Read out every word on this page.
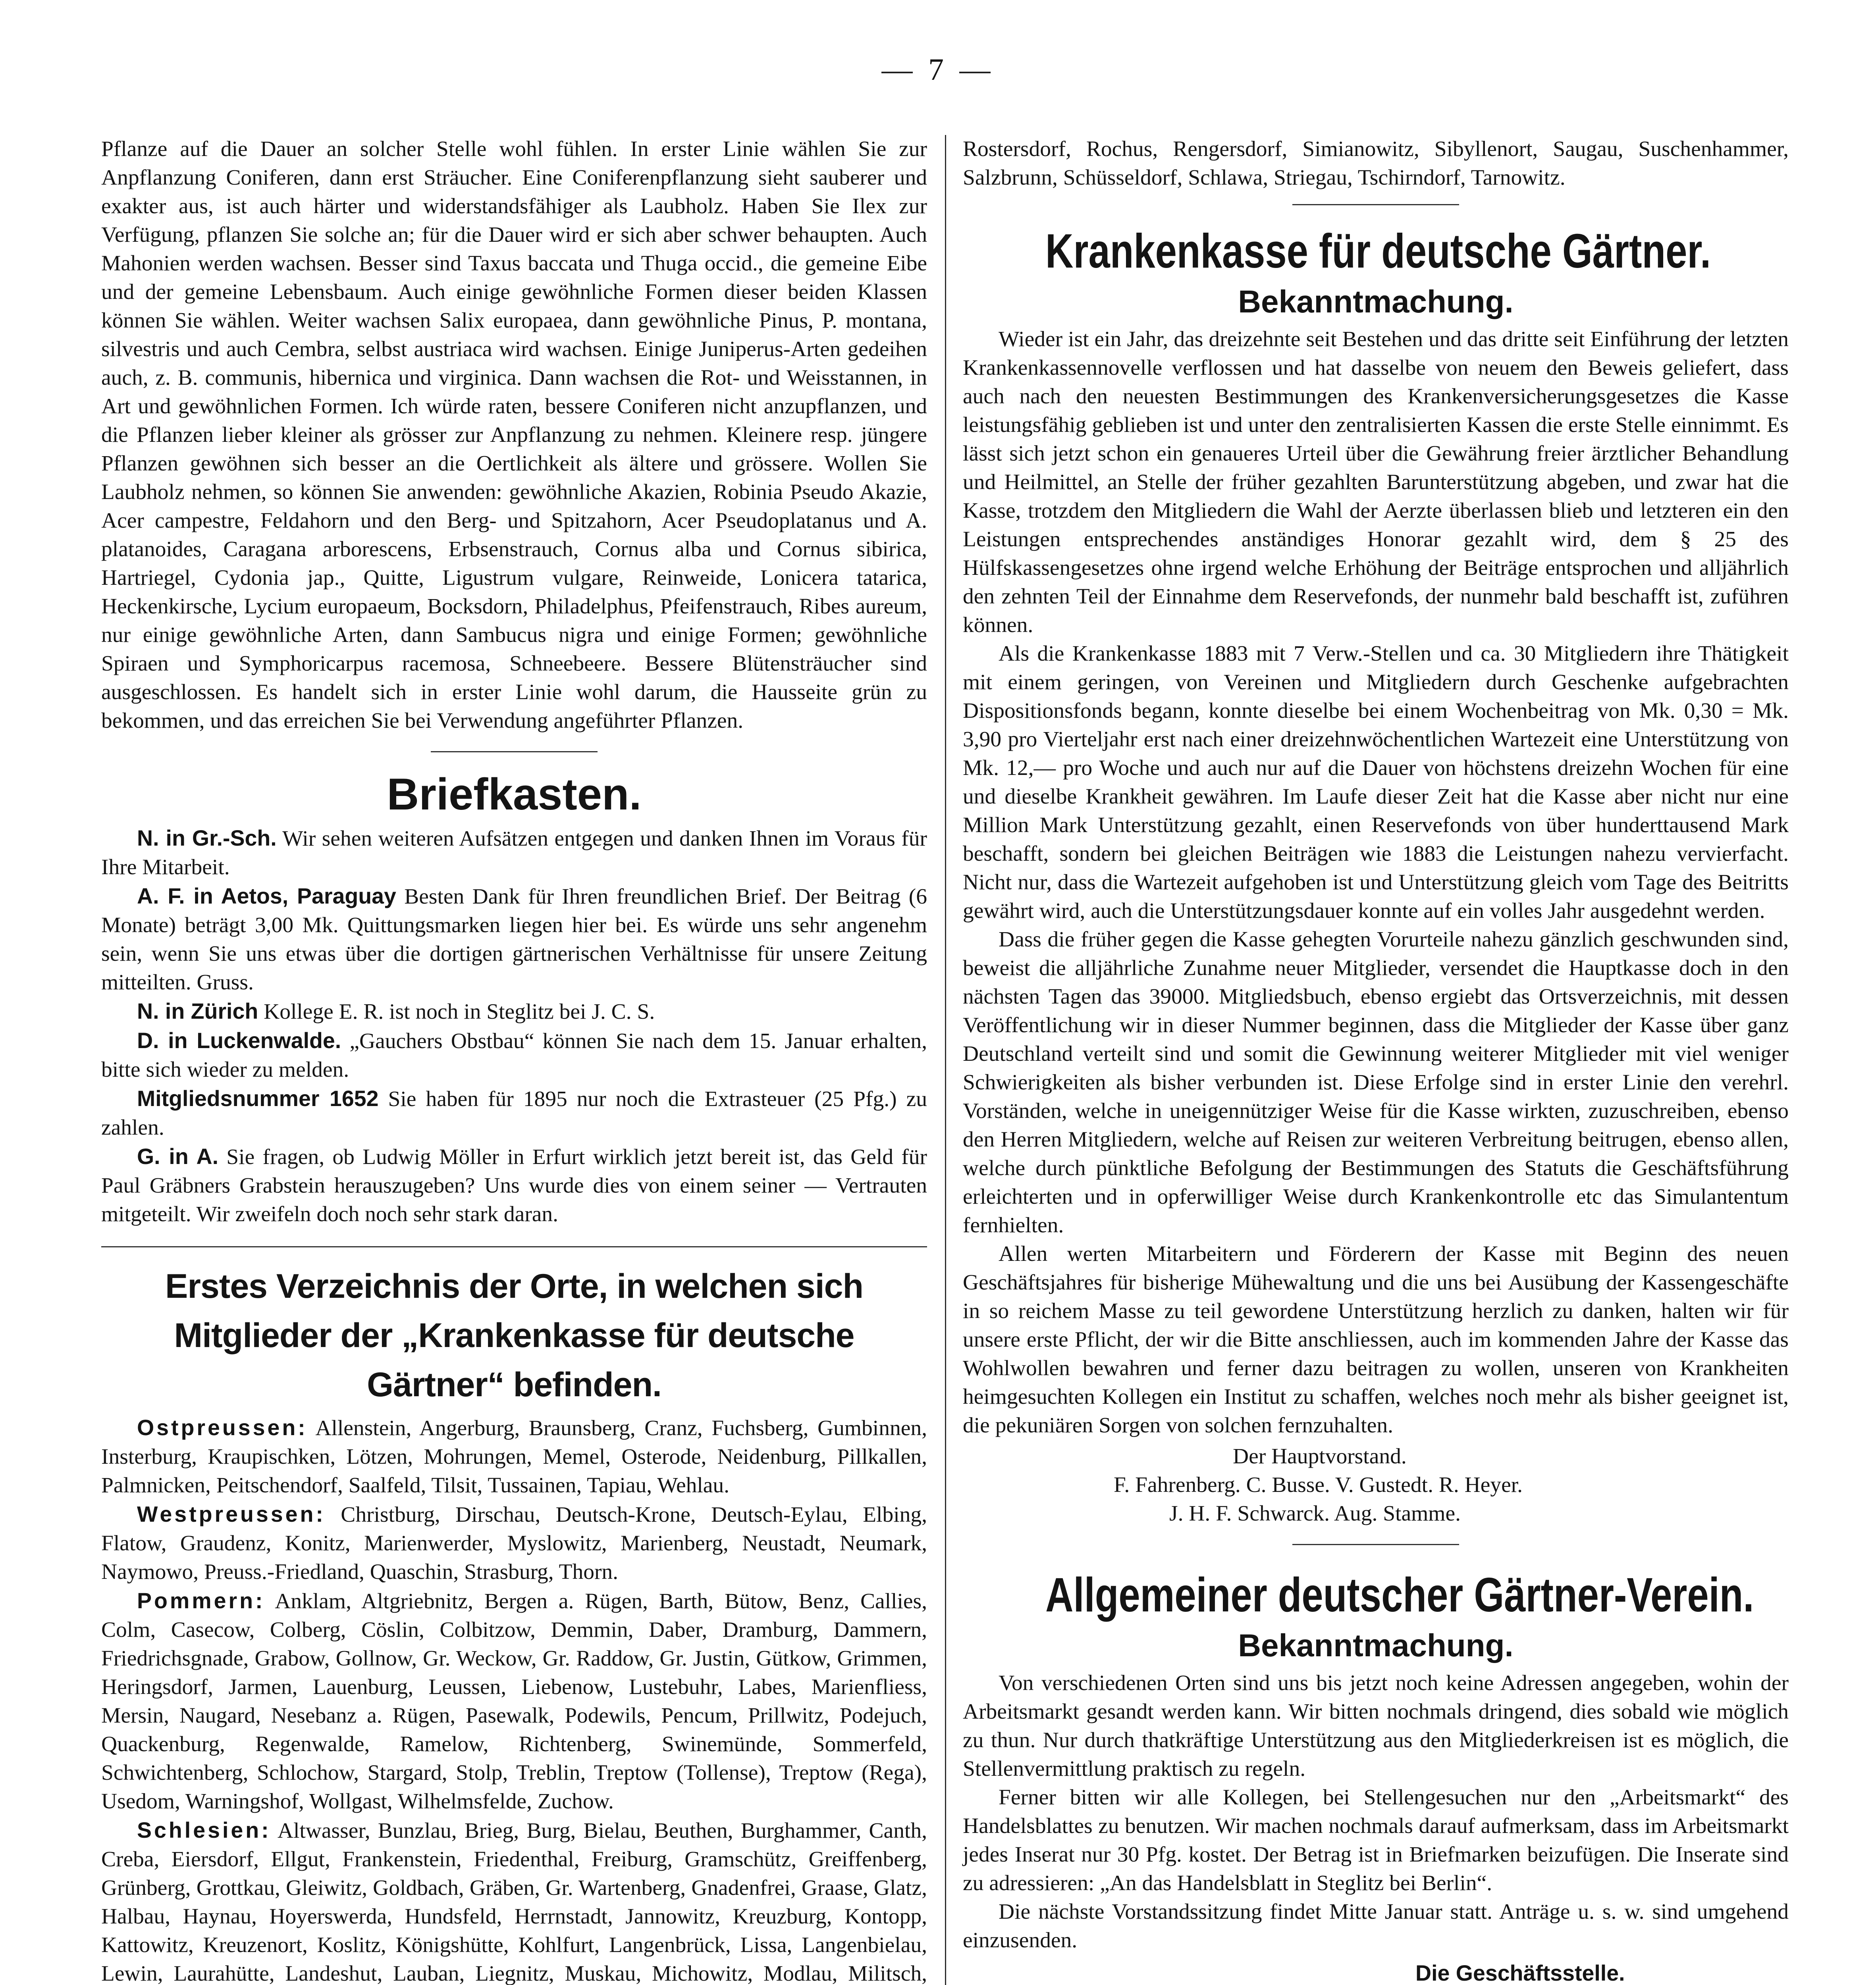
— 7 —

Pflanze auf die Dauer an solcher Stelle wohl fühlen. In erster Linie wählen Sie zur Anpflanzung Coniferen, dann erst Sträucher. Eine Coniferenpflanzung sieht sauberer und exakter aus, ist auch härter und widerstandsfähiger als Laubholz. Haben Sie Ilex zur Verfügung, pflanzen Sie solche an; für die Dauer wird er sich aber schwer behaupten. Auch Mahonien werden wachsen. Besser sind Taxus baccata und Thuga occid., die gemeine Eibe und der gemeine Lebensbaum. Auch einige gewöhnliche Formen dieser beiden Klassen können Sie wählen. Weiter wachsen Salix europaea, dann gewöhnliche Pinus, P. montana, silvestris und auch Cembra, selbst austriaca wird wachsen. Einige Juniperus-Arten gedeihen auch, z. B. communis, hibernica und virginica. Dann wachsen die Rot- und Weisstannen, in Art und gewöhnlichen Formen. Ich würde raten, bessere Coniferen nicht anzupflanzen, und die Pflanzen lieber kleiner als grösser zur Anpflanzung zu nehmen. Kleinere resp. jüngere Pflanzen gewöhnen sich besser an die Oertlichkeit als ältere und grössere. Wollen Sie Laubholz nehmen, so können Sie anwenden: gewöhnliche Akazien, Robinia Pseudo Akazie, Acer campestre, Feldahorn und den Berg- und Spitzahorn, Acer Pseudoplatanus und A. platanoides, Caragana arborescens, Erbsenstrauch, Cornus alba und Cornus sibirica, Hartriegel, Cydonia jap., Quitte, Ligustrum vulgare, Reinweide, Lonicera tatarica, Heckenkirsche, Lycium europaeum, Bocksdorn, Philadelphus, Pfeifenstrauch, Ribes aureum, nur einige gewöhnliche Arten, dann Sambucus nigra und einige Formen; gewöhnliche Spiraen und Symphoricarpus racemosa, Schneebeere. Bessere Blütensträucher sind ausgeschlossen. Es handelt sich in erster Linie wohl darum, die Hausseite grün zu bekommen, und das erreichen Sie bei Verwendung angeführter Pflanzen.

Briefkasten.

N. in Gr.-Sch. Wir sehen weiteren Aufsätzen entgegen und danken Ihnen im Voraus für Ihre Mitarbeit.

A. F. in Aetos, Paraguay Besten Dank für Ihren freundlichen Brief. Der Beitrag (6 Monate) beträgt 3,00 Mk. Quittungsmarken liegen hier bei. Es würde uns sehr angenehm sein, wenn Sie uns etwas über die dortigen gärtnerischen Verhältnisse für unsere Zeitung mitteilten. Gruss.

N. in Zürich Kollege E. R. ist noch in Steglitz bei J. C. S.

D. in Luckenwalde. „Gauchers Obstbau“ können Sie nach dem 15. Januar erhalten, bitte sich wieder zu melden.

Mitgliedsnummer 1652 Sie haben für 1895 nur noch die Extrasteuer (25 Pfg.) zu zahlen.

G. in A. Sie fragen, ob Ludwig Möller in Erfurt wirklich jetzt bereit ist, das Geld für Paul Gräbners Grabstein herauszugeben? Uns wurde dies von einem seiner — Vertrauten mitgeteilt. Wir zweifeln doch noch sehr stark daran.

Erstes Verzeichnis der Orte, in welchen sich Mitglieder der „Krankenkasse für deutsche Gärtner“ befinden.

Ostpreussen: Allenstein, Angerburg, Braunsberg, Cranz, Fuchsberg, Gumbinnen, Insterburg, Kraupischken, Lötzen, Mohrungen, Memel, Osterode, Neidenburg, Pillkallen, Palmnicken, Peitschendorf, Saalfeld, Tilsit, Tussainen, Tapiau, Wehlau.

Westpreussen: Christburg, Dirschau, Deutsch-Krone, Deutsch-Eylau, Elbing, Flatow, Graudenz, Konitz, Marienwerder, Myslowitz, Marienberg, Neustadt, Neumark, Naymowo, Preuss.-Friedland, Quaschin, Strasburg, Thorn.

Pommern: Anklam, Altgriebnitz, Bergen a. Rügen, Barth, Bütow, Benz, Callies, Colm, Casecow, Colberg, Cöslin, Colbitzow, Demmin, Daber, Dramburg, Dammern, Friedrichsgnade, Grabow, Gollnow, Gr. Weckow, Gr. Raddow, Gr. Justin, Gütkow, Grimmen, Heringsdorf, Jarmen, Lauenburg, Leussen, Liebenow, Lustebuhr, Labes, Marienfliess, Mersin, Naugard, Nesebanz a. Rügen, Pasewalk, Podewils, Pencum, Prillwitz, Podejuch, Quackenburg, Regenwalde, Ramelow, Richtenberg, Swinemünde, Sommerfeld, Schwichtenberg, Schlochow, Stargard, Stolp, Treblin, Treptow (Tollense), Treptow (Rega), Usedom, Warningshof, Wollgast, Wilhelmsfelde, Zuchow.

Schlesien: Altwasser, Bunzlau, Brieg, Burg, Bielau, Beuthen, Burghammer, Canth, Creba, Eiersdorf, Ellgut, Frankenstein, Friedenthal, Freiburg, Gramschütz, Greiffenberg, Grünberg, Grottkau, Gleiwitz, Goldbach, Gräben, Gr. Wartenberg, Gnadenfrei, Graase, Glatz, Halbau, Haynau, Hoyerswerda, Hundsfeld, Herrnstadt, Jannowitz, Kreuzburg, Kontopp, Kattowitz, Kreuzenort, Koslitz, Königshütte, Kohlfurt, Langenbrück, Lissa, Langenbielau, Lewin, Laurahütte, Landeshut, Lauban, Liegnitz, Muskau, Michowitz, Modlau, Militsch,

Rostersdorf, Rochus, Rengersdorf, Simianowitz, Sibyllenort, Saugau, Suschenhammer, Salzbrunn, Schüsseldorf, Schlawa, Striegau, Tschirndorf, Tarnowitz.

Krankenkasse für deutsche Gärtner.
Bekanntmachung.

Wieder ist ein Jahr, das dreizehnte seit Bestehen und das dritte seit Einführung der letzten Krankenkassennovelle verflossen und hat dasselbe von neuem den Beweis geliefert, dass auch nach den neuesten Bestimmungen des Krankenversicherungsgesetzes die Kasse leistungsfähig geblieben ist und unter den zentralisierten Kassen die erste Stelle einnimmt. Es lässt sich jetzt schon ein genaueres Urteil über die Gewährung freier ärztlicher Behandlung und Heilmittel, an Stelle der früher gezahlten Barunterstützung abgeben, und zwar hat die Kasse, trotzdem den Mitgliedern die Wahl der Aerzte überlassen blieb und letzteren ein den Leistungen entsprechendes anständiges Honorar gezahlt wird, dem § 25 des Hülfskassengesetzes ohne irgend welche Erhöhung der Beiträge entsprochen und alljährlich den zehnten Teil der Einnahme dem Reservefonds, der nunmehr bald beschafft ist, zuführen können.

Als die Krankenkasse 1883 mit 7 Verw.-Stellen und ca. 30 Mitgliedern ihre Thätigkeit mit einem geringen, von Vereinen und Mitgliedern durch Geschenke aufgebrachten Dispositionsfonds begann, konnte dieselbe bei einem Wochenbeitrag von Mk. 0,30 = Mk. 3,90 pro Vierteljahr erst nach einer dreizehnwöchentlichen Wartezeit eine Unterstützung von Mk. 12,— pro Woche und auch nur auf die Dauer von höchstens dreizehn Wochen für eine und dieselbe Krankheit gewähren. Im Laufe dieser Zeit hat die Kasse aber nicht nur eine Million Mark Unterstützung gezahlt, einen Reservefonds von über hunderttausend Mark beschafft, sondern bei gleichen Beiträgen wie 1883 die Leistungen nahezu vervierfacht. Nicht nur, dass die Wartezeit aufgehoben ist und Unterstützung gleich vom Tage des Beitritts gewährt wird, auch die Unterstützungsdauer konnte auf ein volles Jahr ausgedehnt werden.

Dass die früher gegen die Kasse gehegten Vorurteile nahezu gänzlich geschwunden sind, beweist die alljährliche Zunahme neuer Mitglieder, versendet die Hauptkasse doch in den nächsten Tagen das 39000. Mitgliedsbuch, ebenso ergiebt das Ortsverzeichnis, mit dessen Veröffentlichung wir in dieser Nummer beginnen, dass die Mitglieder der Kasse über ganz Deutschland verteilt sind und somit die Gewinnung weiterer Mitglieder mit viel weniger Schwierigkeiten als bisher verbunden ist. Diese Erfolge sind in erster Linie den verehrl. Vorständen, welche in uneigennütziger Weise für die Kasse wirkten, zuzuschreiben, ebenso den Herren Mitgliedern, welche auf Reisen zur weiteren Verbreitung beitrugen, ebenso allen, welche durch pünktliche Befolgung der Bestimmungen des Statuts die Geschäftsführung erleichterten und in opferwilliger Weise durch Krankenkontrolle etc das Simulantentum fernhielten.

Allen werten Mitarbeitern und Förderern der Kasse mit Beginn des neuen Geschäftsjahres für bisherige Mühewaltung und die uns bei Ausübung der Kassengeschäfte in so reichem Masse zu teil gewordene Unterstützung herzlich zu danken, halten wir für unsere erste Pflicht, der wir die Bitte anschliessen, auch im kommenden Jahre der Kasse das Wohlwollen bewahren und ferner dazu beitragen zu wollen, unseren von Krankheiten heimgesuchten Kollegen ein Institut zu schaffen, welches noch mehr als bisher geeignet ist, die pekuniären Sorgen von solchen fernzuhalten.

Der Hauptvorstand.
F. Fahrenberg. C. Busse. V. Gustedt. R. Heyer.
J. H. F. Schwarck. Aug. Stamme.
Allgemeiner deutscher Gärtner-Verein.
Bekanntmachung.

Von verschiedenen Orten sind uns bis jetzt noch keine Adressen angegeben, wohin der Arbeitsmarkt gesandt werden kann. Wir bitten nochmals dringend, dies sobald wie möglich zu thun. Nur durch thatkräftige Unterstützung aus den Mitgliederkreisen ist es möglich, die Stellenvermittlung praktisch zu regeln.

Ferner bitten wir alle Kollegen, bei Stellengesuchen nur den „Arbeitsmarkt“ des Handelsblattes zu benutzen. Wir machen nochmals darauf aufmerksam, dass im Arbeitsmarkt jedes Inserat nur 30 Pfg. kostet. Der Betrag ist in Briefmarken beizufügen. Die Inserate sind zu adressieren: „An das Handelsblatt in Steglitz bei Berlin“.

Die nächste Vorstandssitzung findet Mitte Januar statt. Anträge u. s. w. sind umgehend einzusenden.

Die Geschäftsstelle.
